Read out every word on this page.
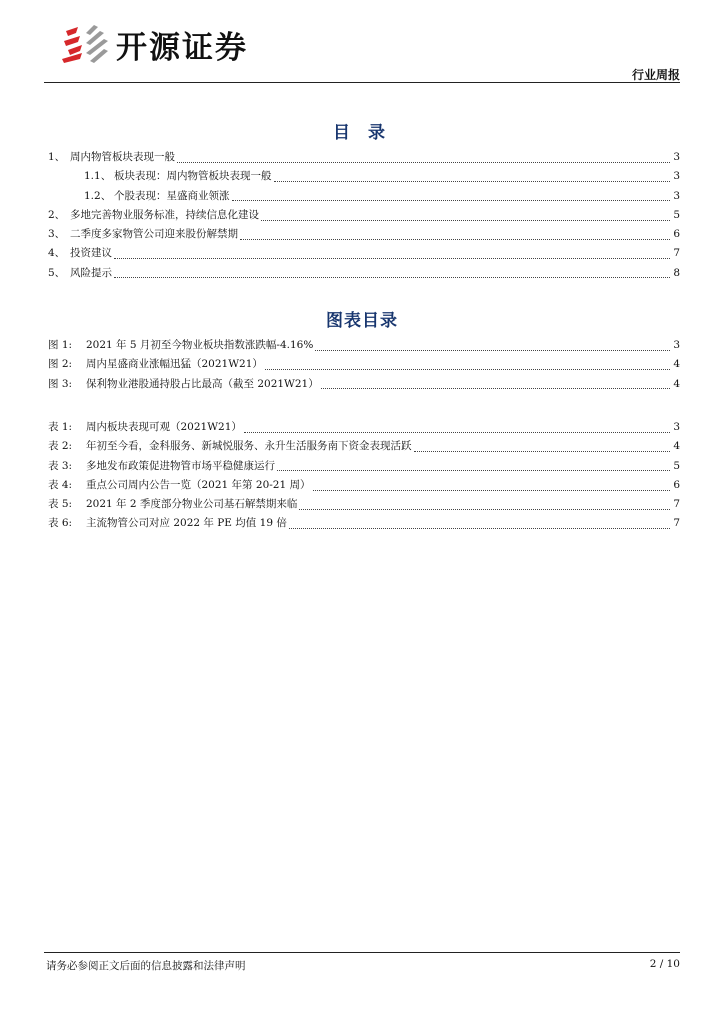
开源证券
行业周报
目 录
1、 周内物管板块表现一般	3
1.1、 板块表现：周内物管板块表现一般	3
1.2、 个股表现：星盛商业领涨	3
2、 多地完善物业服务标准，持续信息化建设	5
3、 二季度多家物管公司迎来股份解禁期	6
4、 投资建议	7
5、 风险提示	8
图表目录
图 1:	2021 年 5 月初至今物业板块指数涨跌幅-4.16%	3
图 2:	周内星盛商业涨幅迅猛（2021W21）	4
图 3:	保利物业港股通持股占比最高（截至 2021W21）	4
表 1:	周内板块表现可观（2021W21）	3
表 2:	年初至今看，金科服务、新城悦服务、永升生活服务南下资金表现活跃	4
表 3:	多地发布政策促进物管市场平稳健康运行	5
表 4:	重点公司周内公告一览（2021 年第 20-21 周）	6
表 5:	2021 年 2 季度部分物业公司基石解禁期来临	7
表 6:	主流物管公司对应 2022 年 PE 均值 19 倍	7
请务必参阅正文后面的信息披露和法律声明	2 / 10
